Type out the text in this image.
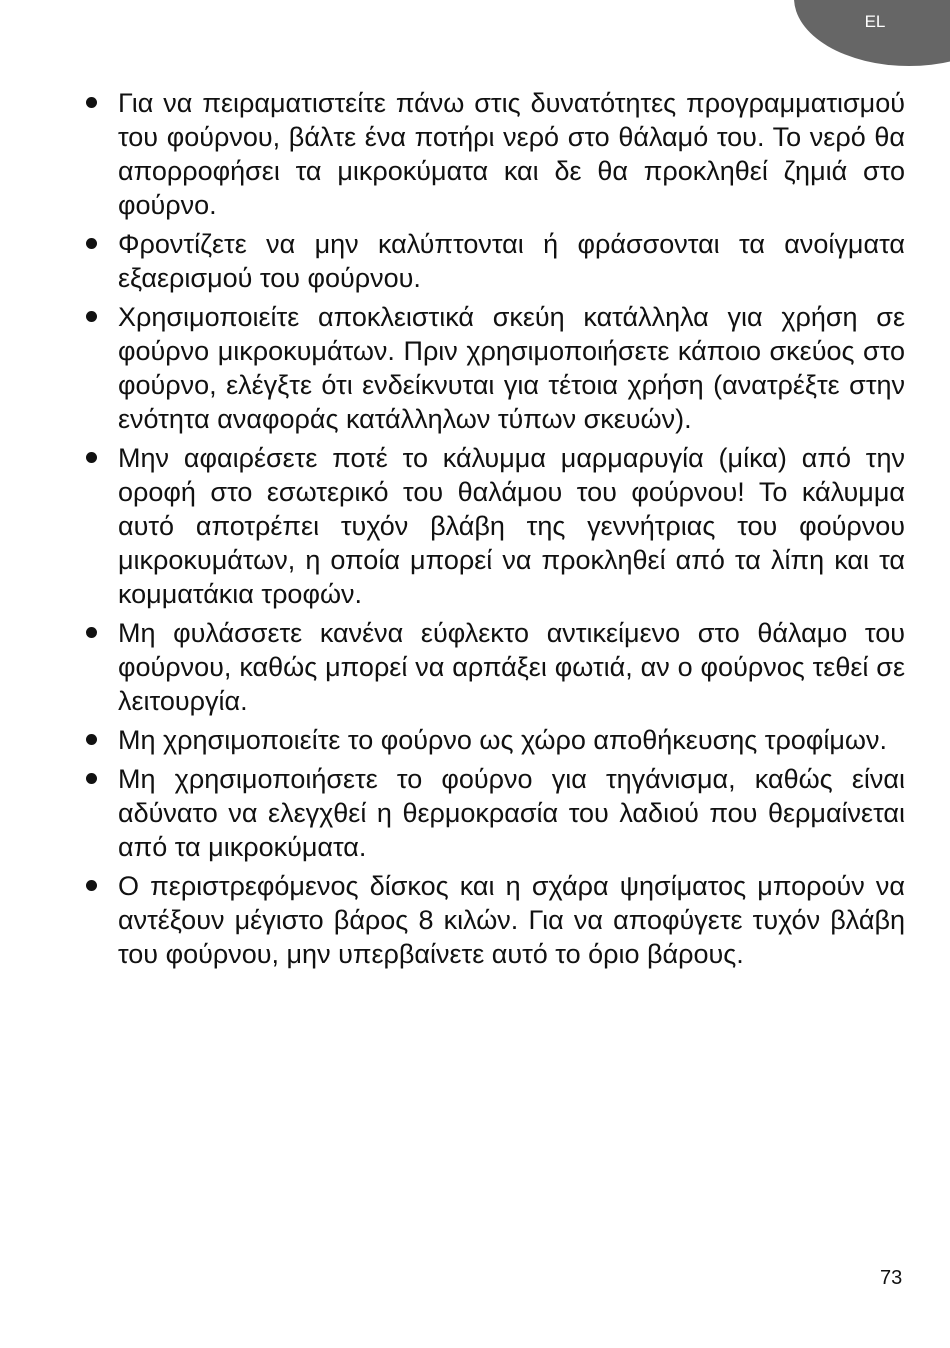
EL
Για να πειραματιστείτε πάνω στις δυνατότητες προγραμματισμού του φούρνου, βάλτε ένα ποτήρι νερό στο θάλαμό του. Το νερό θα απορροφήσει τα μικροκύματα και δε θα προκληθεί ζημιά στο φούρνο.
Φροντίζετε να μην καλύπτονται ή φράσσονται τα ανοίγματα εξαερισμού του φούρνου.
Χρησιμοποιείτε αποκλειστικά σκεύη κατάλληλα για χρήση σε φούρνο μικροκυμάτων. Πριν χρησιμοποιήσετε κάποιο σκεύος στο φούρνο, ελέγξτε ότι ενδείκνυται για τέτοια χρήση (ανατρέξτε στην ενότητα αναφοράς κατάλληλων τύπων σκευών).
Μην αφαιρέσετε ποτέ το κάλυμμα μαρμαρυγία (μίκα) από την οροφή στο εσωτερικό του θαλάμου του φούρνου! Το κάλυμμα αυτό αποτρέπει τυχόν βλάβη της γεννήτριας του φούρνου μικροκυμάτων, η οποία μπορεί να προκληθεί από τα λίπη και τα κομματάκια τροφών.
Μη φυλάσσετε κανένα εύφλεκτο αντικείμενο στο θάλαμο του φούρνου, καθώς μπορεί να αρπάξει φωτιά, αν ο φούρνος τεθεί σε λειτουργία.
Μη χρησιμοποιείτε το φούρνο ως χώρο αποθήκευσης τροφίμων.
Μη χρησιμοποιήσετε το φούρνο για τηγάνισμα, καθώς είναι αδύνατο να ελεγχθεί η θερμοκρασία του λαδιού που θερμαίνεται από τα μικροκύματα.
Ο περιστρεφόμενος δίσκος και η σχάρα ψησίματος μπορούν να αντέξουν μέγιστο βάρος 8 κιλών. Για να αποφύγετε τυχόν βλάβη του φούρνου, μην υπερβαίνετε αυτό το όριο βάρους.
73
